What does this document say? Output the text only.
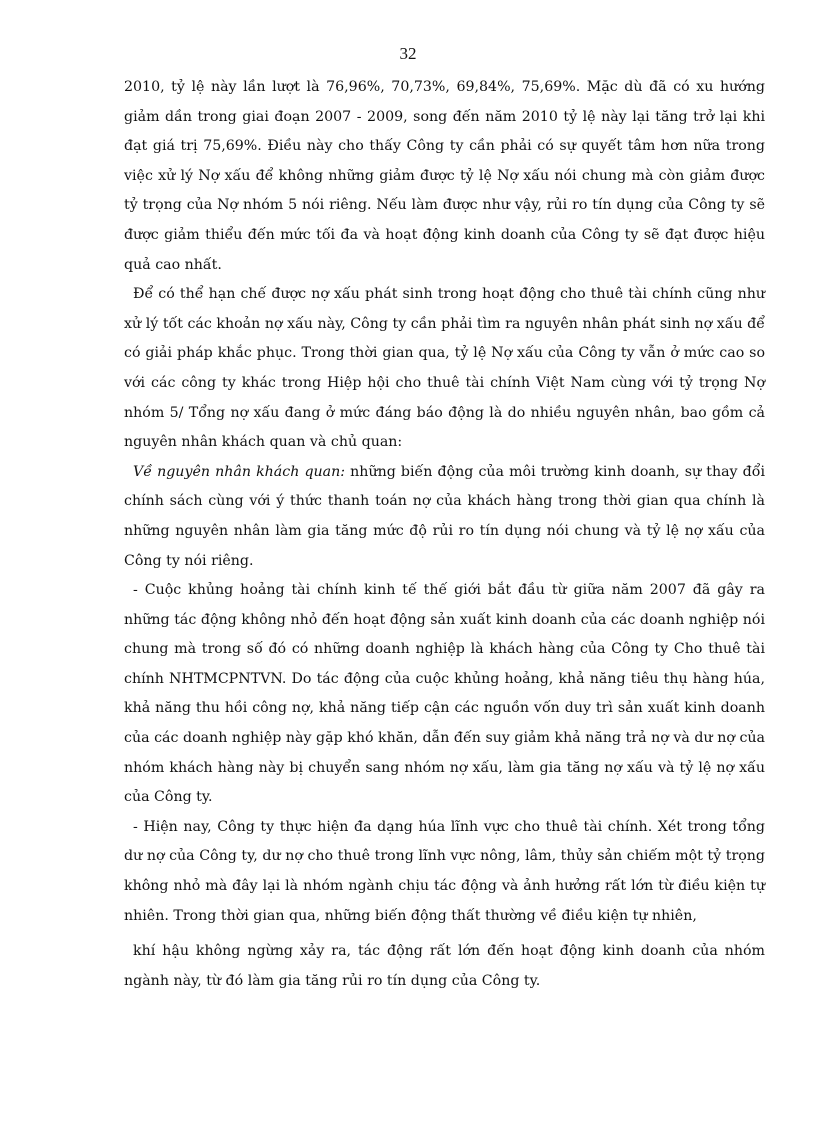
32

2010, tỷ lệ này lần lượt là 76,96%, 70,73%, 69,84%, 75,69%. Mặc dù đã có xu hướng giảm dần trong giai đoạn 2007 - 2009, song đến năm 2010 tỷ lệ này lại tăng trở lại khi đạt giá trị 75,69%. Điều này cho thấy Công ty cần phải có sự quyết tâm hơn nữa trong việc xử lý Nợ xấu để không những giảm được tỷ lệ Nợ xấu nói chung mà còn giảm được tỷ trọng của Nợ nhóm 5 nói riêng. Nếu làm được như vậy, rủi ro tín dụng của Công ty sẽ được giảm thiểu đến mức tối đa và hoạt động kinh doanh của Công ty sẽ đạt được hiệu quả cao nhất.

Để có thể hạn chế được nợ xấu phát sinh trong hoạt động cho thuê tài chính cũng như xử lý tốt các khoản nợ xấu này, Công ty cần phải tìm ra nguyên nhân phát sinh nợ xấu để có giải pháp khắc phục. Trong thời gian qua, tỷ lệ Nợ xấu của Công ty vẫn ở mức cao so với các công ty khác trong Hiệp hội cho thuê tài chính Việt Nam cùng với tỷ trọng Nợ nhóm 5/ Tổng nợ xấu đang ở mức đáng báo động là do nhiều nguyên nhân, bao gồm cả nguyên nhân khách quan và chủ quan:

Về nguyên nhân khách quan: những biến động của môi trường kinh doanh, sự thay đổi chính sách cùng với ý thức thanh toán nợ của khách hàng trong thời gian qua chính là những nguyên nhân làm gia tăng mức độ rủi ro tín dụng nói chung và tỷ lệ nợ xấu của Công ty nói riêng.

- Cuộc khủng hoảng tài chính kinh tế thế giới bắt đầu từ giữa năm 2007 đã gây ra những tác động không nhỏ đến hoạt động sản xuất kinh doanh của các doanh nghiệp nói chung mà trong số đó có những doanh nghiệp là khách hàng của Công ty Cho thuê tài chính NHTMCPNTVN. Do tác động của cuộc khủng hoảng, khả năng tiêu thụ hàng húa, khả năng thu hồi công nợ, khả năng tiếp cận các nguồn vốn duy trì sản xuất kinh doanh của các doanh nghiệp này gặp khó khăn, dẫn đến suy giảm khả năng trả nợ và dư nợ của nhóm khách hàng này bị chuyển sang nhóm nợ xấu, làm gia tăng nợ xấu và tỷ lệ nợ xấu của Công ty.

- Hiện nay, Công ty thực hiện đa dạng húa lĩnh vực cho thuê tài chính. Xét trong tổng dư nợ của Công ty, dư nợ cho thuê trong lĩnh vực nông, lâm, thủy sản chiếm một tỷ trọng không nhỏ mà đây lại là nhóm ngành chịu tác động và ảnh hưởng rất lớn từ điều kiện tự nhiên. Trong thời gian qua, những biến động thất thường về điều kiện tự nhiên,

khí hậu không ngừng xảy ra, tác động rất lớn đến hoạt động kinh doanh của nhóm ngành này, từ đó làm gia tăng rủi ro tín dụng của Công ty.
